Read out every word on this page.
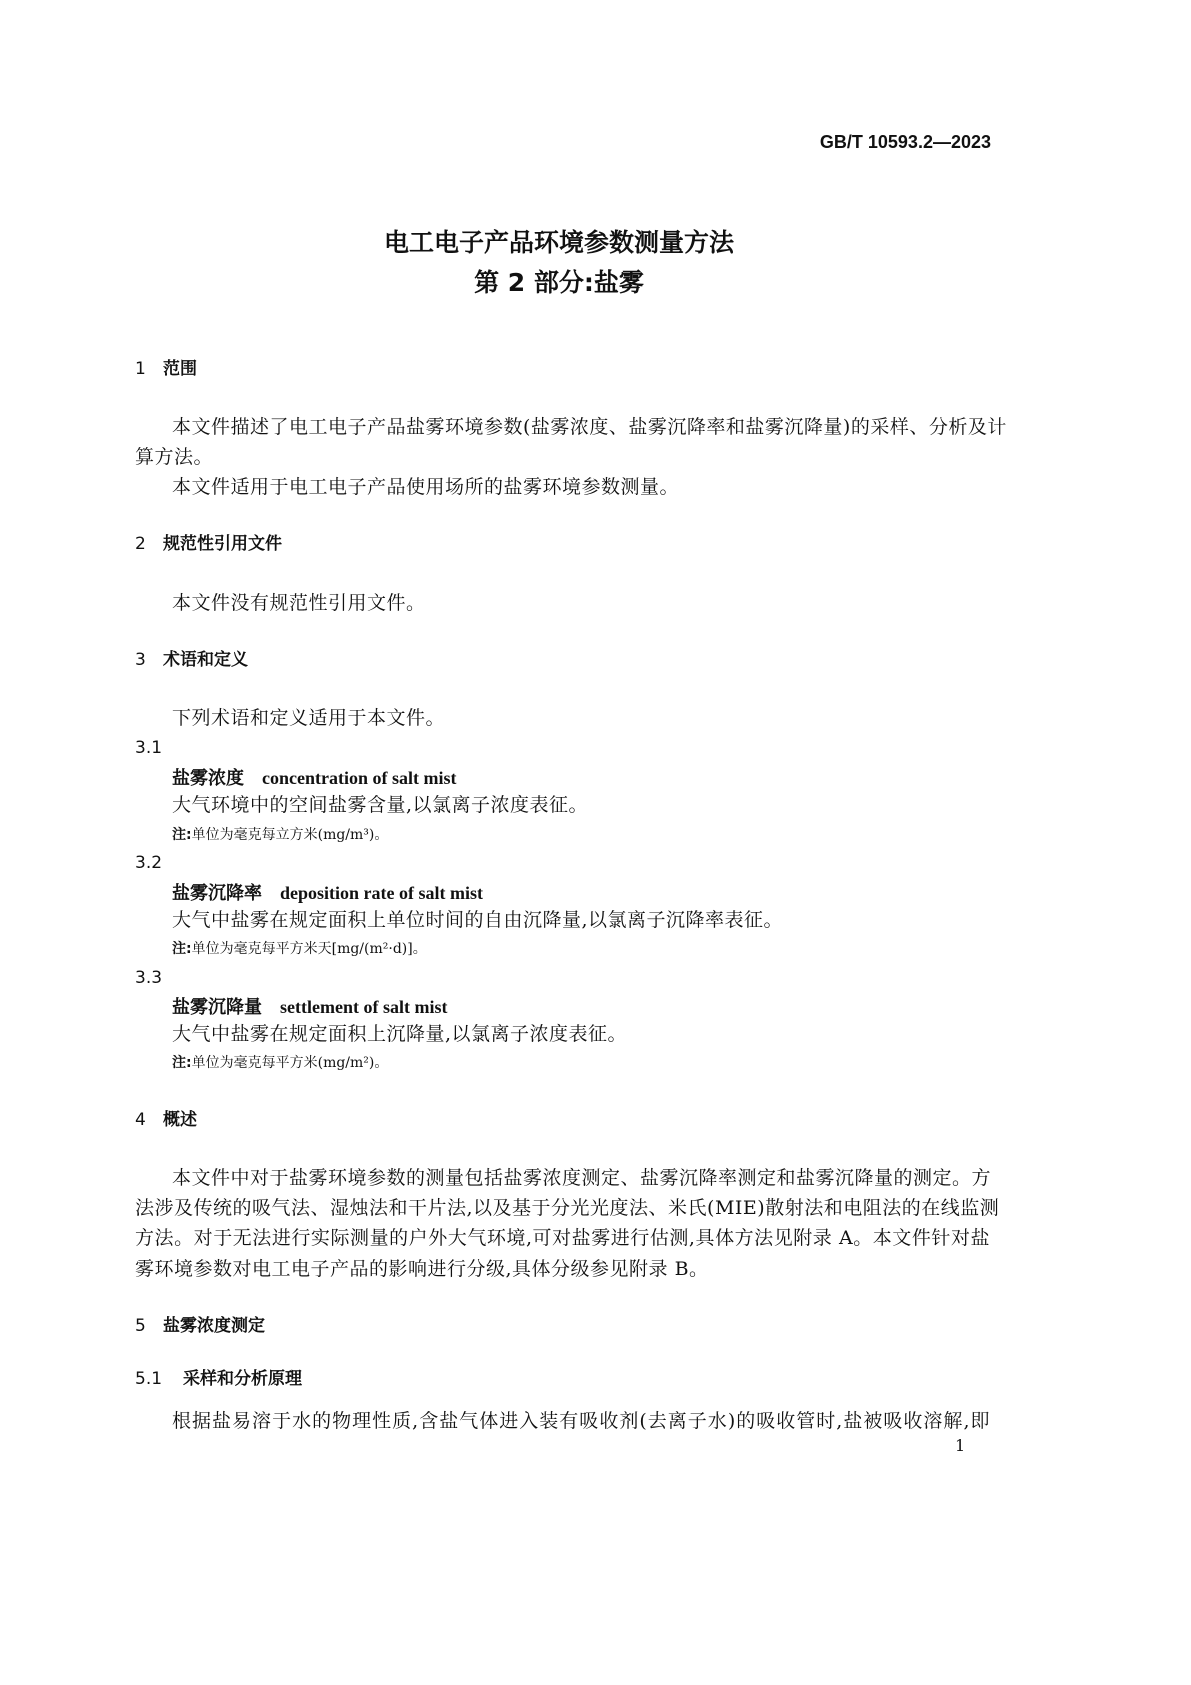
GB/T 10593.2—2023
电工电子产品环境参数测量方法
第 2 部分:盐雾
1 范围
本文件描述了电工电子产品盐雾环境参数(盐雾浓度、盐雾沉降率和盐雾沉降量)的采样、分析及计
算方法。
本文件适用于电工电子产品使用场所的盐雾环境参数测量。
2 规范性引用文件
本文件没有规范性引用文件。
3 术语和定义
下列术语和定义适用于本文件。
3.1
盐雾浓度 concentration of salt mist
大气环境中的空间盐雾含量,以氯离子浓度表征。
注:单位为毫克每立方米(mg/m³)。
3.2
盐雾沉降率 deposition rate of salt mist
大气中盐雾在规定面积上单位时间的自由沉降量,以氯离子沉降率表征。
注:单位为毫克每平方米天[mg/(m²·d)]。
3.3
盐雾沉降量 settlement of salt mist
大气中盐雾在规定面积上沉降量,以氯离子浓度表征。
注:单位为毫克每平方米(mg/m²)。
4 概述
本文件中对于盐雾环境参数的测量包括盐雾浓度测定、盐雾沉降率测定和盐雾沉降量的测定。方
法涉及传统的吸气法、湿烛法和干片法,以及基于分光光度法、米氏(MIE)散射法和电阻法的在线监测
方法。对于无法进行实际测量的户外大气环境,可对盐雾进行估测,具体方法见附录 A。本文件针对盐
雾环境参数对电工电子产品的影响进行分级,具体分级参见附录 B。
5 盐雾浓度测定
5.1 采样和分析原理
根据盐易溶于水的物理性质,含盐气体进入装有吸收剂(去离子水)的吸收管时,盐被吸收溶解,即
1
